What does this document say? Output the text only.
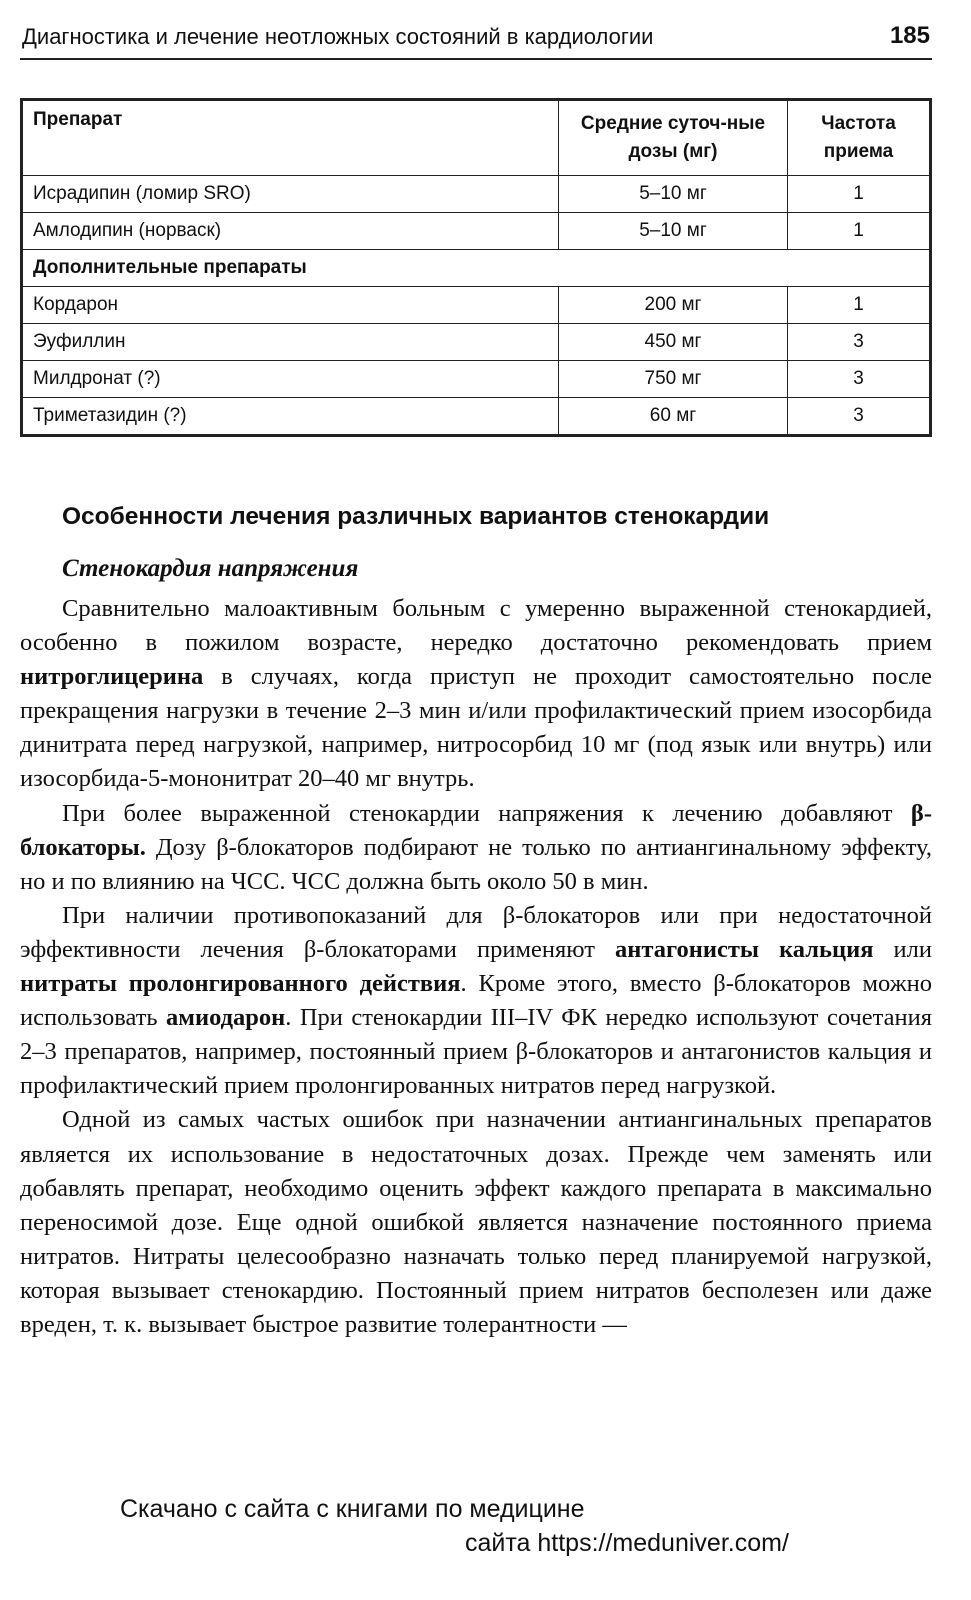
Диагностика и лечение неотложных состояний в кардиологии	185
Препарат	Средние суточ-ные дозы (мг)	Частота приема
Исрадипин (ломир SRO)	5–10 мг	1
Амлодипин (норваск)	5–10 мг	1
Дополнительные препараты		
Кордарон	200 мг	1
Эуфиллин	450 мг	3
Милдронат (?)	750 мг	3
Триметазидин (?)	60 мг	3
Особенности лечения различных вариантов стенокардии
Стенокардия напряжения

Сравнительно малоактивным больным с умеренно выраженной стенокардией, особенно в пожилом возрасте, нередко достаточно рекомендовать прием нитроглицерина в случаях, когда приступ не проходит самостоятельно после прекращения нагрузки в течение 2–3 мин и/или профилактический прием изосорбида динитрата перед нагрузкой, например, нитросорбид 10 мг (под язык или внутрь) или изосорбида-5-мононитрат 20–40 мг внутрь.

При более выраженной стенокардии напряжения к лечению добавляют β-блокаторы. Дозу β-блокаторов подбирают не только по антиангинальному эффекту, но и по влиянию на ЧСС. ЧСС должна быть около 50 в мин.

При наличии противопоказаний для β-блокаторов или при недостаточной эффективности лечения β-блокаторами применяют антагонисты кальция или нитраты пролонгированного действия. Кроме этого, вместо β-блокаторов можно использовать амиодарон. При стенокардии III–IV ФК нередко используют сочетания 2–3 препаратов, например, постоянный прием β-блокаторов и антагонистов кальция и профилактический прием пролонгированных нитратов перед нагрузкой.

Одной из самых частых ошибок при назначении антиангинальных препаратов является их использование в недостаточных дозах. Прежде чем заменять или добавлять препарат, необходимо оценить эффект каждого препарата в максимально переносимой дозе. Еще одной ошибкой является назначение постоянного приема нитратов. Нитраты целесообразно назначать только перед планируемой нагрузкой, которая вызывает стенокардию. Постоянный прием нитратов бесполезен или даже вреден, т. к. вызывает быстрое развитие толерантности —

Скачано с сайта с книгами по медицине
сайта https://meduniver.com/
